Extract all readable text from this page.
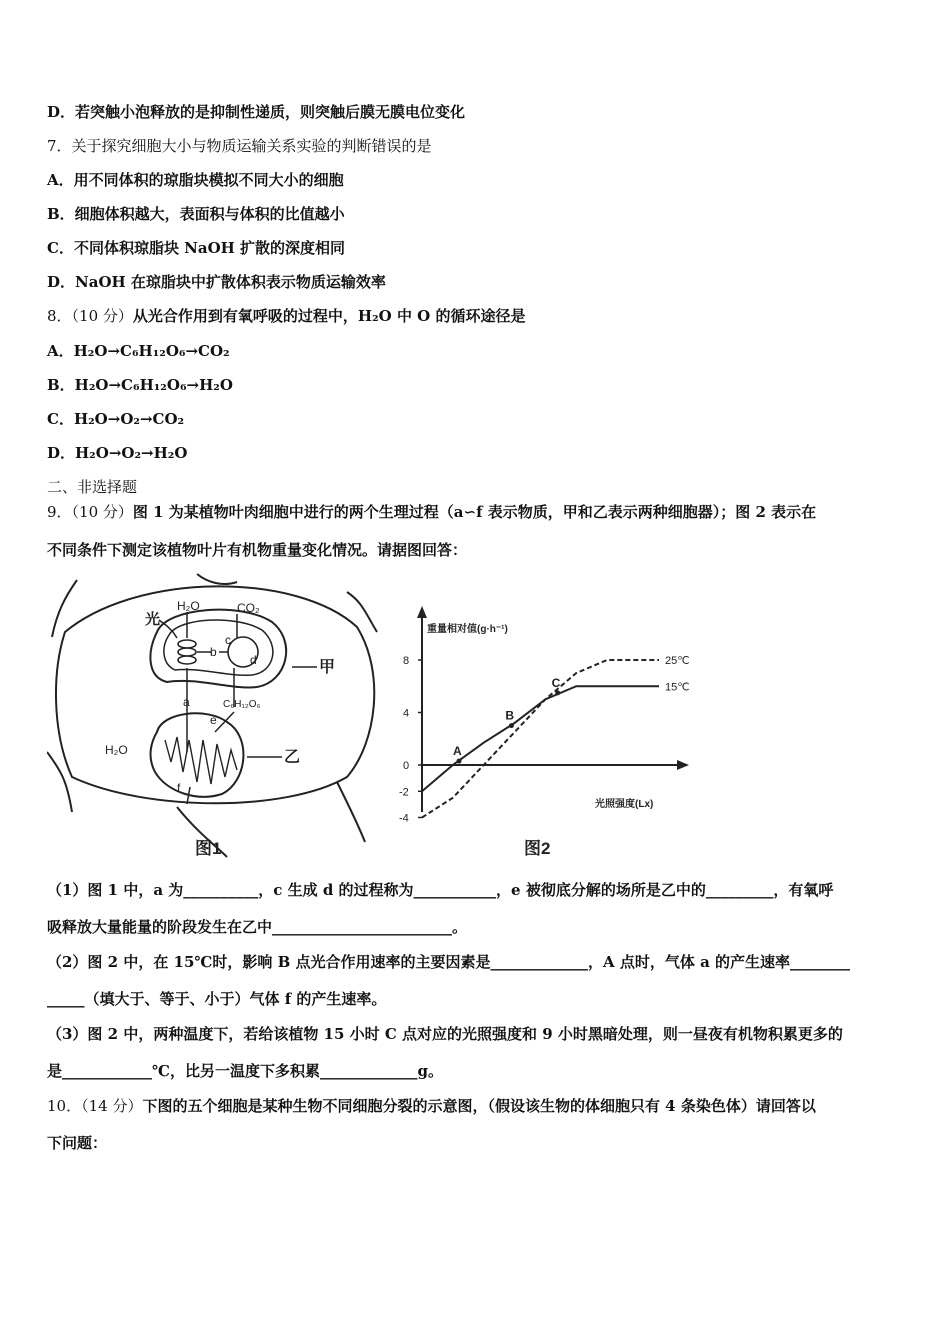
D．若突触小泡释放的是抑制性递质，则突触后膜无膜电位变化
7．关于探究细胞大小与物质运输关系实验的判断错误的是
A．用不同体积的琼脂块模拟不同大小的细胞
B．细胞体积越大，表面积与体积的比值越小
C．不同体积琼脂块 NaOH 扩散的深度相同
D．NaOH 在琼脂块中扩散体积表示物质运输效率
8．（10 分）从光合作用到有氧呼吸的过程中，H₂O 中 O 的循环途径是
A．H₂O→C₆H₁₂O₆→CO₂
B．H₂O→C₆H₁₂O₆→H₂O
C．H₂O→O₂→CO₂
D．H₂O→O₂→H₂O
二、非选择题
9．（10 分）图 1 为某植物叶肉细胞中进行的两个生理过程（a∽f 表示物质，甲和乙表示两种细胞器）；图 2 表示在
不同条件下测定该植物叶片有机物重量变化情况。请据图回答：
光
H₂O	CO₂
b
c
d
a
e
C₆H₁₂O₆
f
H₂O
甲
乙
图1
重量相对值(g·h⁻¹)
光照强度(Lx)
8
4
0
-2
-4
25℃
15℃
A
B
C
图2
（1）图 1 中，a 为__________，c 生成 d 的过程称为___________，e 被彻底分解的场所是乙中的_________，有氧呼
吸释放大量能量的阶段发生在乙中________________________。
（2）图 2 中，在 15℃时，影响 B 点光合作用速率的主要因素是_____________，A 点时，气体 a 的产生速率________
_____（填大于、等于、小于）气体 f 的产生速率。
（3）图 2 中，两种温度下，若给该植物 15 小时 C 点对应的光照强度和 9 小时黑暗处理，则一昼夜有机物积累更多的
是____________℃，比另一温度下多积累_____________g。
10．（14 分）下图的五个细胞是某种生物不同细胞分裂的示意图，（假设该生物的体细胞只有 4 条染色体）请回答以
下问题：
